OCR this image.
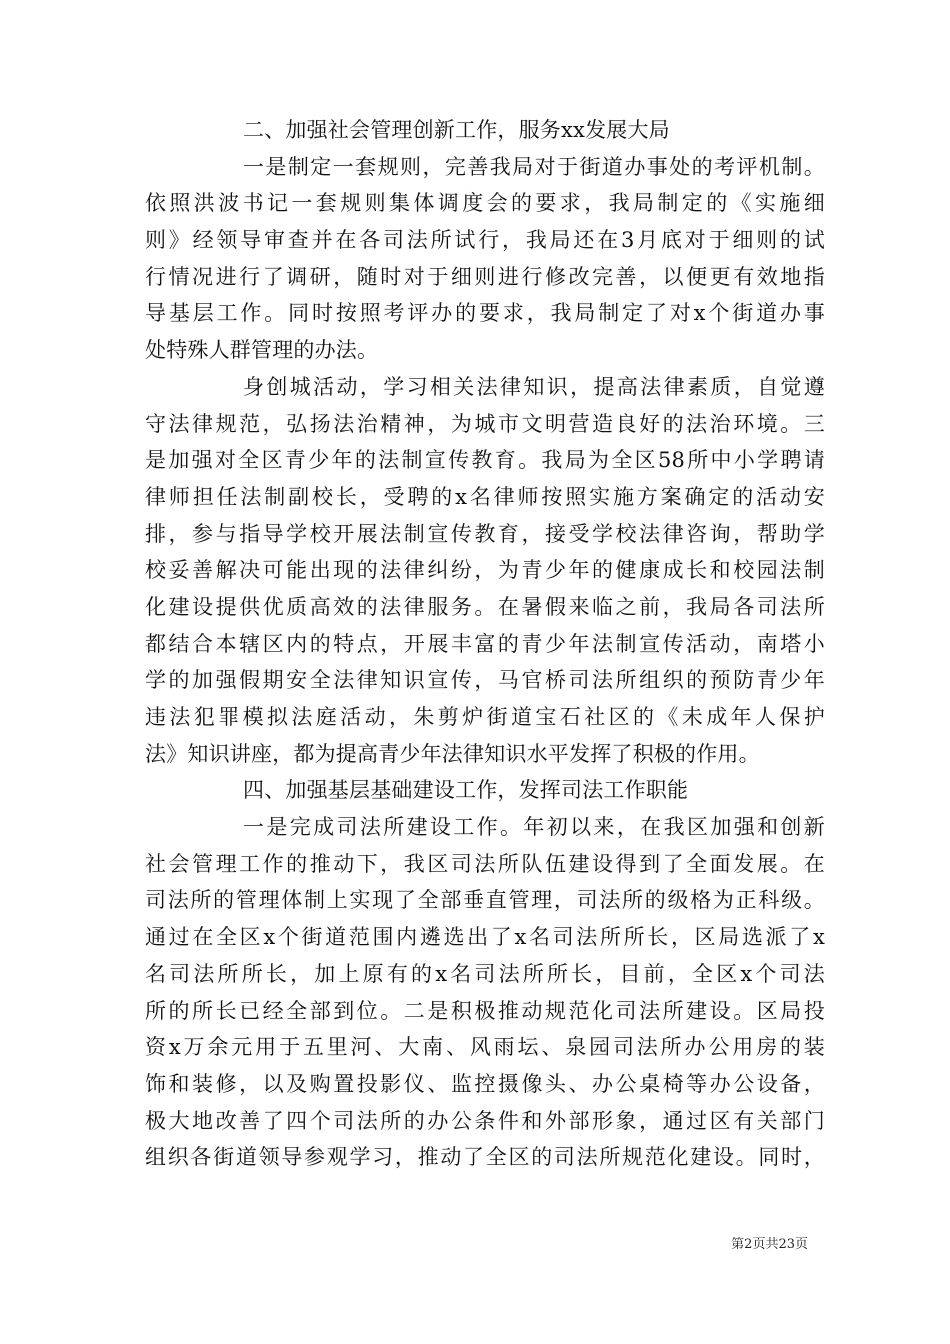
二、加强社会管理创新工作，服务xx发展大局
一是制定一套规则，完善我局对于街道办事处的考评机制。
依照洪波书记一套规则集体调度会的要求，我局制定的《实施细
则》经领导审查并在各司法所试行，我局还在3月底对于细则的试
行情况进行了调研，随时对于细则进行修改完善，以便更有效地指
导基层工作。同时按照考评办的要求，我局制定了对x个街道办事
处特殊人群管理的办法。
身创城活动，学习相关法律知识，提高法律素质，自觉遵
守法律规范，弘扬法治精神，为城市文明营造良好的法治环境。三
是加强对全区青少年的法制宣传教育。我局为全区58所中小学聘请
律师担任法制副校长，受聘的x名律师按照实施方案确定的活动安
排，参与指导学校开展法制宣传教育，接受学校法律咨询，帮助学
校妥善解决可能出现的法律纠纷，为青少年的健康成长和校园法制
化建设提供优质高效的法律服务。在暑假来临之前，我局各司法所
都结合本辖区内的特点，开展丰富的青少年法制宣传活动，南塔小
学的加强假期安全法律知识宣传，马官桥司法所组织的预防青少年
违法犯罪模拟法庭活动，朱剪炉街道宝石社区的《未成年人保护
法》知识讲座，都为提高青少年法律知识水平发挥了积极的作用。
四、加强基层基础建设工作，发挥司法工作职能
一是完成司法所建设工作。年初以来，在我区加强和创新
社会管理工作的推动下，我区司法所队伍建设得到了全面发展。在
司法所的管理体制上实现了全部垂直管理，司法所的级格为正科级。
通过在全区x个街道范围内遴选出了x名司法所所长，区局选派了x
名司法所所长，加上原有的x名司法所所长，目前，全区x个司法
所的所长已经全部到位。二是积极推动规范化司法所建设。区局投
资x万余元用于五里河、大南、风雨坛、泉园司法所办公用房的装
饰和装修，以及购置投影仪、监控摄像头、办公桌椅等办公设备，
极大地改善了四个司法所的办公条件和外部形象，通过区有关部门
组织各街道领导参观学习，推动了全区的司法所规范化建设。同时，
第2页共23页
